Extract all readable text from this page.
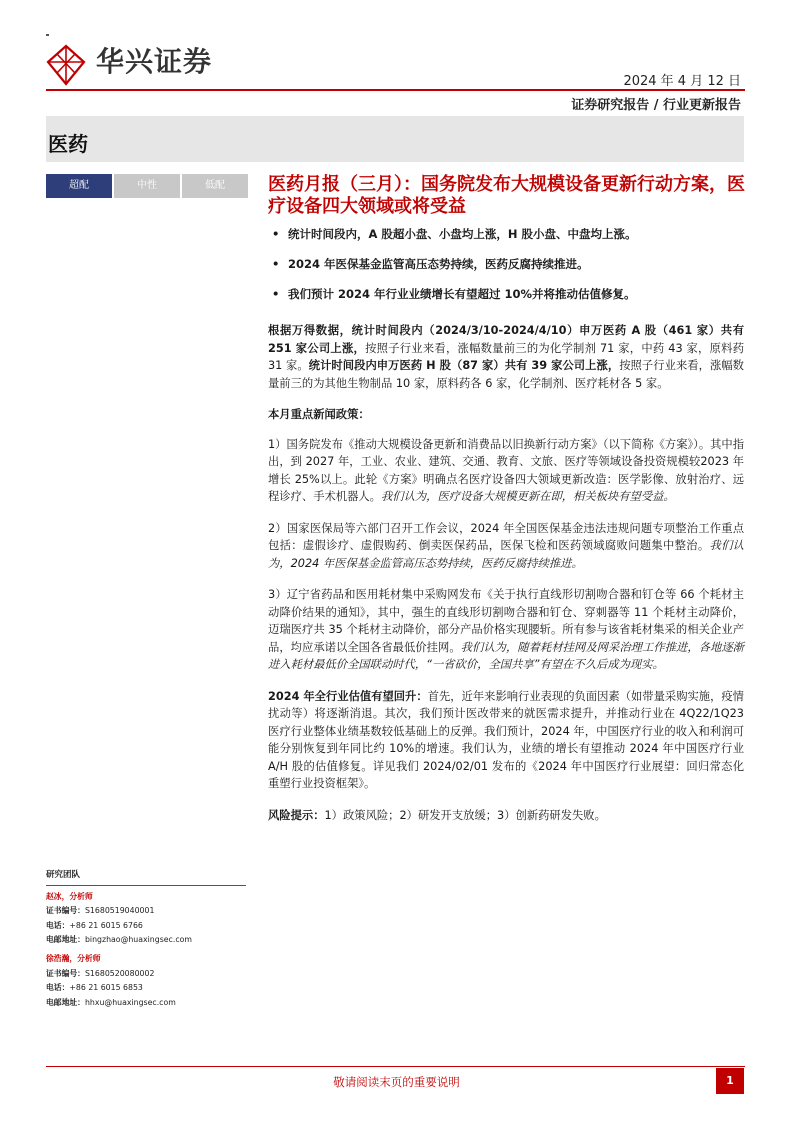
华兴证券
2024 年 4 月 12 日
证券研究报告 / 行业更新报告
医药
超配	中性	低配	医药月报（三月）：国务院发布大规模设备更新行动方案，医疗设备四大领域或将受益
• 统计时间段内，A 股超小盘、小盘均上涨，H 股小盘、中盘均上涨。
• 2024 年医保基金监管高压态势持续，医药反腐持续推进。
• 我们预计 2024 年行业业绩增长有望超过 10%并将推动估值修复。

根据万得数据，统计时间段内（2024/3/10-2024/4/10）申万医药 A 股（461 家）共有 251 家公司上涨，按照子行业来看，涨幅数量前三的为化学制剂 71 家，中药 43 家，原料药 31 家。统计时间段内申万医药 H 股（87 家）共有 39 家公司上涨，按照子行业来看，涨幅数量前三的为其他生物制品 10 家，原料药各 6 家，化学制剂、医疗耗材各 5 家。

本月重点新闻政策：

1）国务院发布《推动大规模设备更新和消费品以旧换新行动方案》（以下简称《方案》）。其中指出，到 2027 年，工业、农业、建筑、交通、教育、文旅、医疗等领域设备投资规模较2023 年增长 25%以上。此轮《方案》明确点名医疗设备四大领域更新改造：医学影像、放射治疗、远程诊疗、手术机器人。我们认为，医疗设备大规模更新在即，相关板块有望受益。

2）国家医保局等六部门召开工作会议，2024 年全国医保基金违法违规问题专项整治工作重点包括：虚假诊疗、虚假购药、倒卖医保药品，医保飞检和医药领域腐败问题集中整治。我们认为，2024 年医保基金监管高压态势持续，医药反腐持续推进。

3）辽宁省药品和医用耗材集中采购网发布《关于执行直线形切割吻合器和钉仓等 66 个耗材主动降价结果的通知》，其中，强生的直线形切割吻合器和钉仓、穿刺器等 11 个耗材主动降价，迈瑞医疗共 35 个耗材主动降价，部分产品价格实现腰斩。所有参与该省耗材集采的相关企业产品，均应承诺以全国各省最低价挂网。我们认为，随着耗材挂网及网采治理工作推进，各地逐渐进入耗材最低价全国联动时代，“一省砍价，全国共享”有望在不久后成为现实。

2024 年全行业估值有望回升：首先，近年来影响行业表现的负面因素（如带量采购实施，疫情扰动等）将逐渐消退。其次，我们预计医改带来的就医需求提升，并推动行业在 4Q22/1Q23 医疗行业整体业绩基数较低基础上的反弹。我们预计，2024 年，中国医疗行业的收入和利润可能分别恢复到年同比约 10%的增速。我们认为，业绩的增长有望推动 2024 年中国医疗行业 A/H 股的估值修复。详见我们 2024/02/01 发布的《2024 年中国医疗行业展望：回归常态化重塑行业投资框架》。

风险提示：1）政策风险；2）研发开支放缓；3）创新药研发失败。

研究团队
赵冰，分析师
证书编号：S1680519040001
电话：+86 21 6015 6766
电邮地址：bingzhao@huaxingsec.com
徐浩瀚，分析师
证书编号：S1680520080002
电话：+86 21 6015 6853
电邮地址：hhxu@huaxingsec.com
敬请阅读末页的重要说明	1
